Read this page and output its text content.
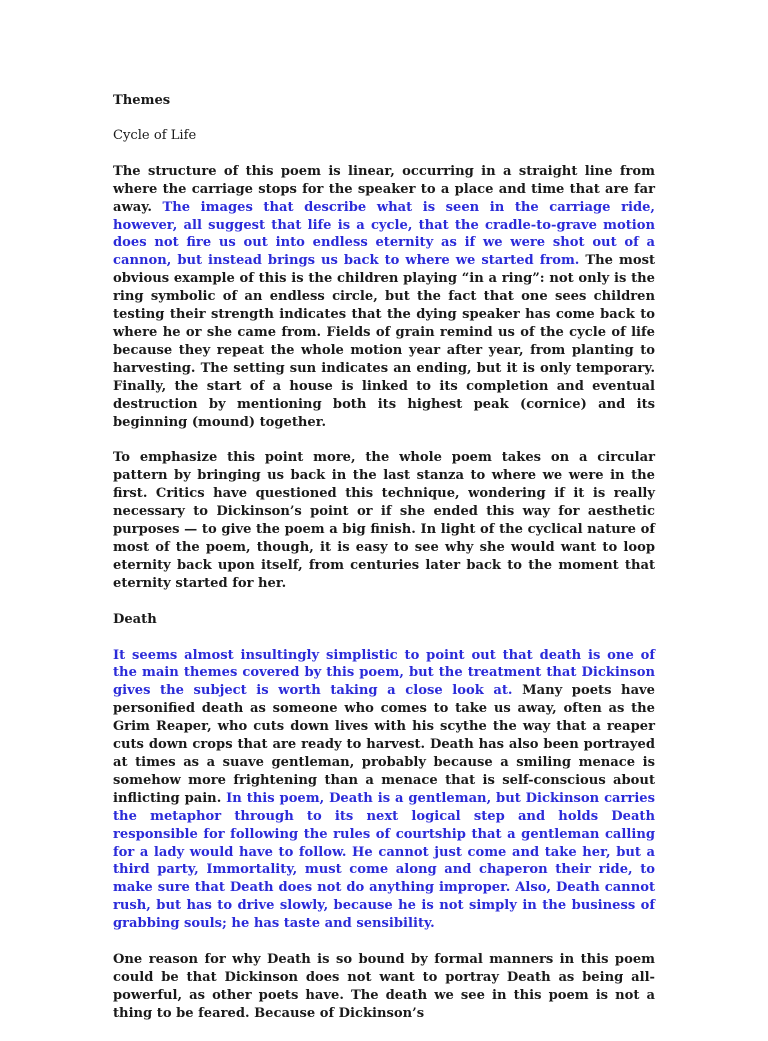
Themes
Cycle of Life

The structure of this poem is linear, occurring in a straight line from where the carriage stops for the speaker to a place and time that are far away. The images that describe what is seen in the carriage ride, however, all suggest that life is a cycle, that the cradle-to-grave motion does not fire us out into endless eternity as if we were shot out of a cannon, but instead brings us back to where we started from. The most obvious example of this is the children playing “in a ring”: not only is the ring symbolic of an endless circle, but the fact that one sees children testing their strength indicates that the dying speaker has come back to where he or she came from. Fields of grain remind us of the cycle of life because they repeat the whole motion year after year, from planting to harvesting. The setting sun indicates an ending, but it is only temporary. Finally, the start of a house is linked to its completion and eventual destruction by mentioning both its highest peak (cornice) and its beginning (mound) together.

To emphasize this point more, the whole poem takes on a circular pattern by bringing us back in the last stanza to where we were in the first. Critics have questioned this technique, wondering if it is really necessary to Dickinson’s point or if she ended this way for aesthetic purposes — to give the poem a big finish. In light of the cyclical nature of most of the poem, though, it is easy to see why she would want to loop eternity back upon itself, from centuries later back to the moment that eternity started for her.

Death

It seems almost insultingly simplistic to point out that death is one of the main themes covered by this poem, but the treatment that Dickinson gives the subject is worth taking a close look at. Many poets have personified death as someone who comes to take us away, often as the Grim Reaper, who cuts down lives with his scythe the way that a reaper cuts down crops that are ready to harvest. Death has also been portrayed at times as a suave gentleman, probably because a smiling menace is somehow more frightening than a menace that is self-conscious about inflicting pain. In this poem, Death is a gentleman, but Dickinson carries the metaphor through to its next logical step and holds Death responsible for following the rules of courtship that a gentleman calling for a lady would have to follow. He cannot just come and take her, but a third party, Immortality, must come along and chaperon their ride, to make sure that Death does not do anything improper. Also, Death cannot rush, but has to drive slowly, because he is not simply in the business of grabbing souls; he has taste and sensibility.

One reason for why Death is so bound by formal manners in this poem could be that Dickinson does not want to portray Death as being all-powerful, as other poets have. The death we see in this poem is not a thing to be feared. Because of Dickinson’s
